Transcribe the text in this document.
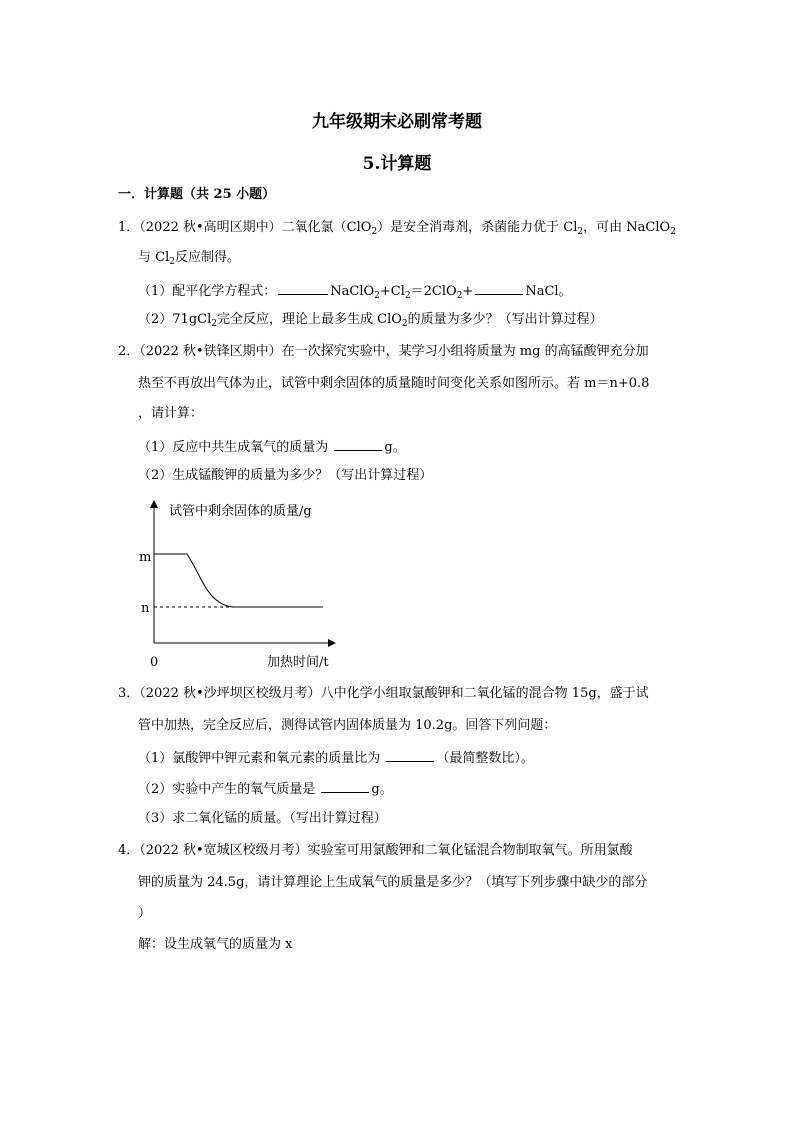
九年级期末必刷常考题
5.计算题
一．计算题（共 25 小题）
1．（2022 秋•高明区期中）二氧化氯（ClO$_2$）是安全消毒剂，杀菌能力优于 $Cl_2$，可由 NaClO$_2$
与 $Cl_2$反应制得。
（1）配平化学方程式：	$NaClO_2+Cl_2=2ClO_2+$	NaCl。
（2）71gCl$_2$完全反应，理论上最多生成 ClO$_2$的质量为多少？（写出计算过程）
2．（2022 秋•铁锋区期中）在一次探究实验中，某学习小组将质量为 mg 的高锰酸钾充分加
热至不再放出气体为止，试管中剩余固体的质量随时间变化关系如图所示。若 m＝n+0.8
，请计算：
（1）反应中共生成氧气的质量为	g。
（2）生成锰酸钾的质量为多少？（写出计算过程）
试管中剩余固体的质量/g
m
n
0	加热时间/t
3．（2022 秋•沙坪坝区校级月考）八中化学小组取氯酸钾和二氧化锰的混合物 15g，盛于试
管中加热，完全反应后，测得试管内固体质量为 10.2g。回答下列问题：
（1）氯酸钾中钾元素和氧元素的质量比为	（最简整数比）。
（2）实验中产生的氧气质量是	g。
（3）求二氧化锰的质量。（写出计算过程）
4．（2022 秋•宽城区校级月考）实验室可用氯酸钾和二氧化锰混合物制取氧气。所用氯酸
钾的质量为 24.5g，请计算理论上生成氧气的质量是多少？（填写下列步骤中缺少的部分
）
解：设生成氧气的质量为 x
